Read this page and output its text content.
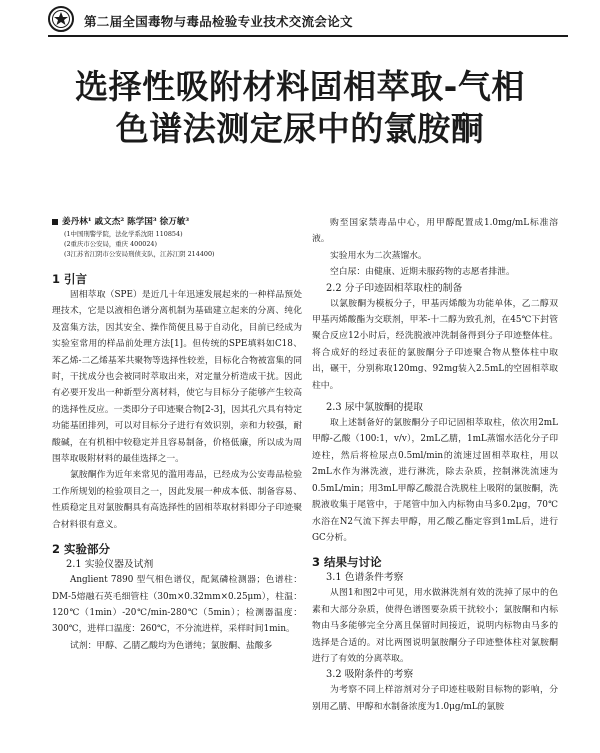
第二届全国毒物与毒品检验专业技术交流会论文
选择性吸附材料固相萃取-气相
色谱法测定尿中的氯胺酮
姜丹林¹ 戚文杰² 陈学国³ 徐万敏³
(1中国刑警学院，法化学系沈阳 110854)
(2重庆市公安局，重庆 400024)
(3江苏省江阴市公安局刑侦支队，江苏江阴 214400)
1 引言

固相萃取（SPE）是近几十年迅速发展起来的一种样品预处理技术，它是以液相色谱分离机制为基础建立起来的分离、纯化及富集方法，因其安全、操作简便且易于自动化，目前已经成为实验室常用的样品前处理方法[1]。但传统的SPE填料如C18、苯乙烯-二乙烯基苯共聚物等选择性较差，目标化合物被富集的同时，干扰成分也会被同时萃取出来，对定量分析造成干扰。因此有必要开发出一种新型分离材料，使它与目标分子能够产生较高的选择性反应。一类即分子印迹聚合物[2-3]，因其孔穴具有特定功能基团排列，可以对目标分子进行有效识别，亲和力较强，耐酸碱，在有机相中较稳定并且容易制备，价格低廉，所以成为周围萃取吸附材料的最佳选择之一。

氯胺酮作为近年来常见的滥用毒品，已经成为公安毒品检验工作所规划的检验项目之一，因此发展一种成本低、制备容易、性质稳定且对氯胺酮具有高选择性的固相萃取材料即分子印迹聚合材料很有意义。

2 实验部分
2.1 实验仪器及试剂

Anglient 7890 型气相色谱仪，配氮磷检测器；色谱柱：DM-5熔融石英毛细管柱（30m×0.32mm×0.25μm），柱温：120℃（1min）-20℃/min-280℃（5min）；检测器温度：300℃，进样口温度：260℃，不分流进样，采样时间1min。

试剂：甲醇、乙腈乙酸均为色谱纯；氯胺酮、盐酸多

购至国家禁毒品中心，用甲醇配置成1.0mg/mL标准溶液。

实验用水为二次蒸馏水。

空白尿：由健康、近期未服药物的志愿者排泄。

2.2 分子印迹固相萃取柱的制备

以氯胺酮为模板分子，甲基丙烯酸为功能单体，乙二醇双甲基丙烯酸酯为交联剂，甲苯-十二醇为致孔剂，在45℃下封管聚合反应12小时后，经洗脱液冲洗制备得到分子印迹整体柱。将合成好的经过表征的氯胺酮分子印迹聚合物从整体柱中取出，碾干，分别称取120mg、92mg装入2.5mL的空固相萃取柱中。

2.3 尿中氯胺酮的提取

取上述制备好的氯胺酮分子印记固相萃取柱，依次用2mL甲醇-乙酸（100:1，v/v），2mL乙腈，1mL蒸馏水活化分子印迹柱，然后将检尿点0.5ml/min的流速过固相萃取柱，用以2mL水作为淋洗液，进行淋洗，除去杂质，控制淋洗流速为0.5mL/min；用3mL甲醇乙酸混合洗脱柱上吸附的氯胺酮，洗脱液收集于尾管中，于尾管中加入内标物由马多0.2μg，70℃水浴在N2气流下挥去甲醇，用乙酸乙酯定容到1mL后，进行GC分析。

3 结果与讨论
3.1 色谱条件考察

从图1和图2中可见，用水做淋洗剂有效的洗掉了尿中的色素和大部分杂质，使得色谱图要杂质干扰较小；氯胺酮和内标物由马多能够完全分离且保留时间接近，说明内标物由马多的选择是合适的。对比两图说明氯胺酮分子印迹整体柱对氯胺酮进行了有效的分离萃取。

3.2 吸附条件的考察

为考察不同上样溶剂对分子印迹柱吸附目标物的影响，分别用乙腈、甲醇和水制备浓度为1.0μg/mL的氯胺
